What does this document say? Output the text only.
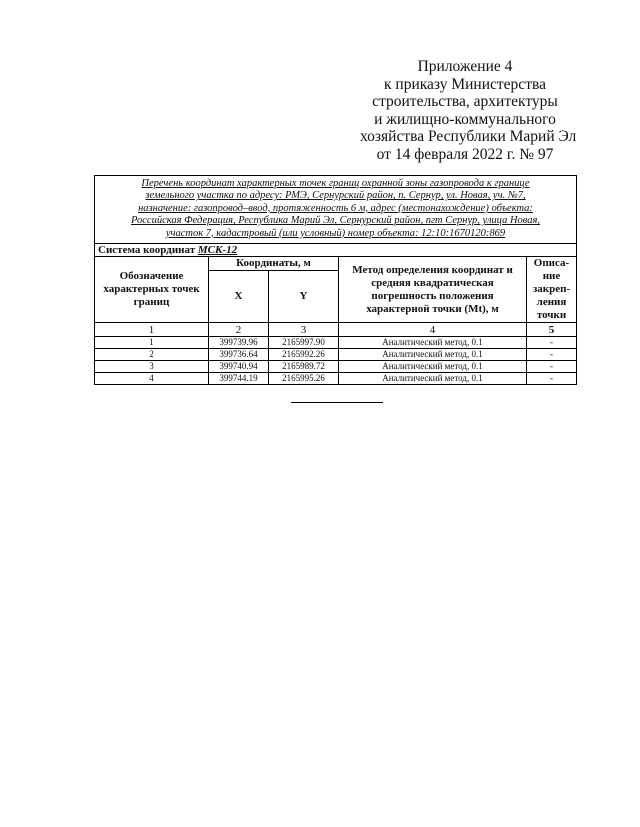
Приложение 4
к приказу Министерства
строительства, архитектуры
и жилищно-коммунального
хозяйства Республики Марий Эл
от 14 февраля 2022 г. № 97
Перечень координат характерных точек границ охранной зоны газопровода к границе
земельного участка по адресу: РМЭ, Сернурский район, п. Сернур, ул. Новая, уч. №7,
назначение: газопровод–ввод, протяженность 6 м, адрес (местонахождение) объекта:
Российская Федерация, Республика Марий Эл, Сернурский район, пгт Сернур, улица Новая,
участок 7, кадастровый (или условный) номер объекта: 12:10:1670120:869				

Система координат МСК-12				
Обозначение характерных точек границ	Координаты, м		Метод определения координат и средняя квадратическая погрешность положения характерной точки (Mt), м	Описа-
ние
закреп-
ления
точки

	X	Y		
1	2	3	4	5
1	399739.96	2165997.90	Аналитический метод, 0.1	-
2	399736.64	2165992.26	Аналитический метод, 0.1	-
3	399740.94	2165989.72	Аналитический метод, 0.1	-
4	399744.19	2165995.26	Аналитический метод, 0.1	-
